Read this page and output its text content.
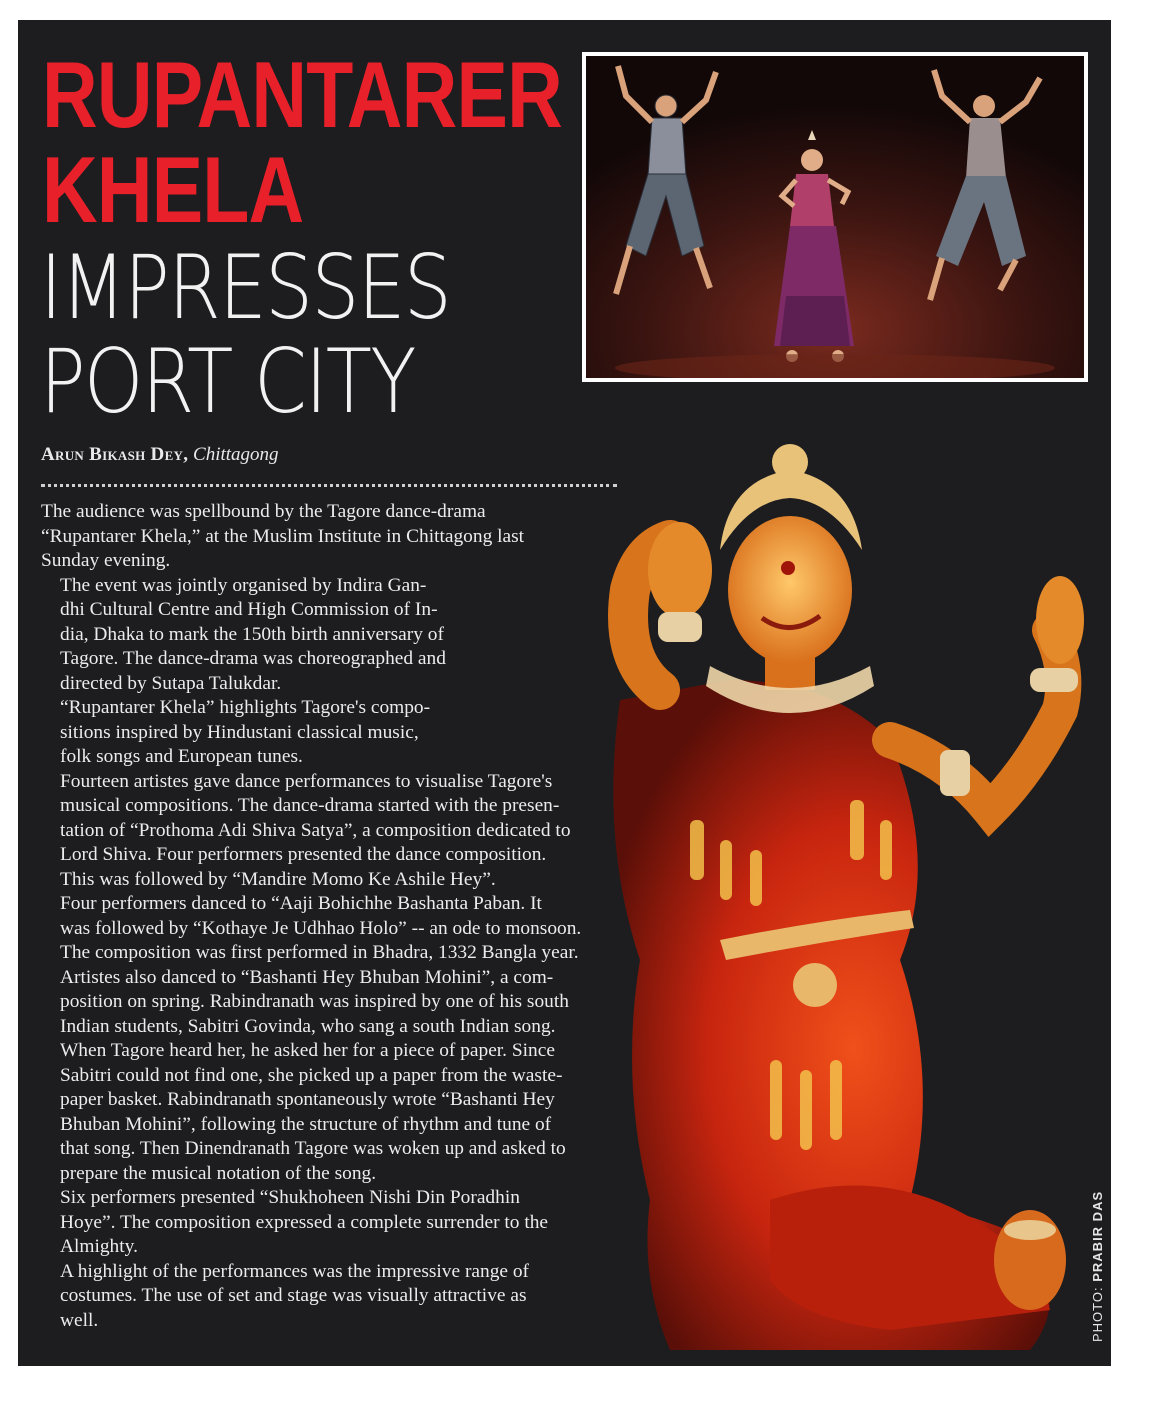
RUPANTARER
KHELA
IMPRESSES
PORT CITY
Arun Bikash Dey, Chittagong

The audience was spellbound by the Tagore dance-drama
“Rupantarer Khela,” at the Muslim Institute in Chittagong last
Sunday evening.

The event was jointly organised by Indira Gan-
dhi Cultural Centre and High Commission of In-
dia, Dhaka to mark the 150th birth anniversary of
Tagore. The dance-drama was choreographed and
directed by Sutapa Talukdar.

“Rupantarer Khela” highlights Tagore's compo-
sitions inspired by Hindustani classical music,
folk songs and European tunes.

Fourteen artistes gave dance performances to visualise Tagore's
musical compositions. The dance-drama started with the presen-
tation of “Prothoma Adi Shiva Satya”, a composition dedicated to
Lord Shiva. Four performers presented the dance composition.
This was followed by “Mandire Momo Ke Ashile Hey”.

Four performers danced to “Aaji Bohichhe Bashanta Paban. It
was followed by “Kothaye Je Udhhao Holo” -- an ode to monsoon.
The composition was first performed in Bhadra, 1332 Bangla year.

Artistes also danced to “Bashanti Hey Bhuban Mohini”, a com-
position on spring. Rabindranath was inspired by one of his south
Indian students, Sabitri Govinda, who sang a south Indian song.
When Tagore heard her, he asked her for a piece of paper. Since
Sabitri could not find one, she picked up a paper from the waste-
paper basket. Rabindranath spontaneously wrote “Bashanti Hey
Bhuban Mohini”, following the structure of rhythm and tune of
that song. Then Dinendranath Tagore was woken up and asked to
prepare the musical notation of the song.

Six performers presented “Shukhoheen Nishi Din Poradhin
Hoye”. The composition expressed a complete surrender to the
Almighty.

A highlight of the performances was the impressive range of
costumes. The use of set and stage was visually attractive as
well.	PHOTO: PRABIR DAS
